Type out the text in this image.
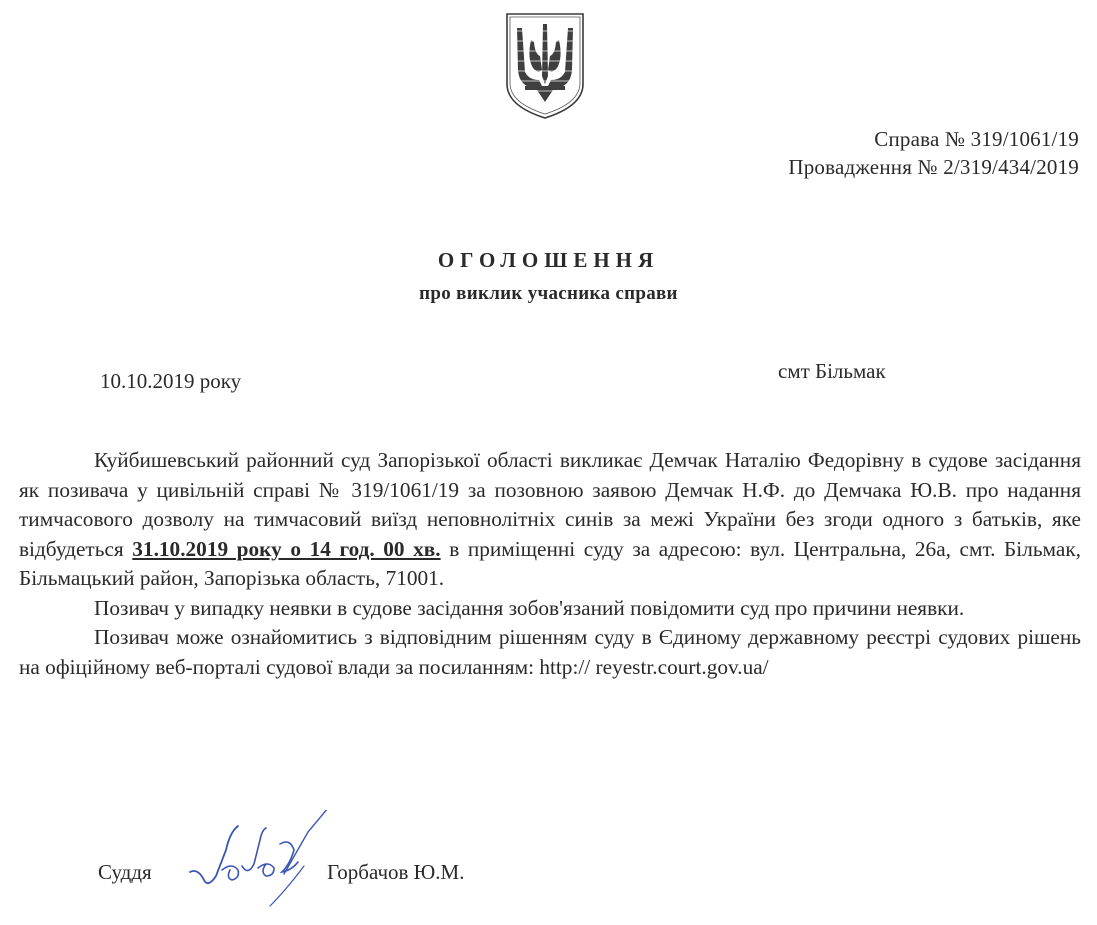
Справа № 319/1061/19
Провадження № 2/319/434/2019
ОГОЛОШЕННЯ
про виклик учасника справи
10.10.2019 року	смт Більмак

Куйбишевський районний суд Запорізької області викликає Демчак Наталію Федорівну в судове засідання як позивача у цивільній справі № 319/1061/19 за позовною заявою Демчак Н.Ф. до Демчака Ю.В. про надання тимчасового дозволу на тимчасовий виїзд неповнолітніх синів за межі України без згоди одного з батьків, яке відбудеться 31.10.2019 року о 14 год. 00 хв. в приміщенні суду за адресою: вул. Центральна, 26а, смт. Більмак, Більмацький район, Запорізька область, 71001.

Позивач у випадку неявки в судове засідання зобов'язаний повідомити суд про причини неявки.

Позивач може ознайомитись з відповідним рішенням суду в Єдиному державному реєстрі судових рішень на офіційному веб-порталі судової влади за посиланням: http:// reyestr.court.gov.ua/

Суддя	Горбачов Ю.М.
